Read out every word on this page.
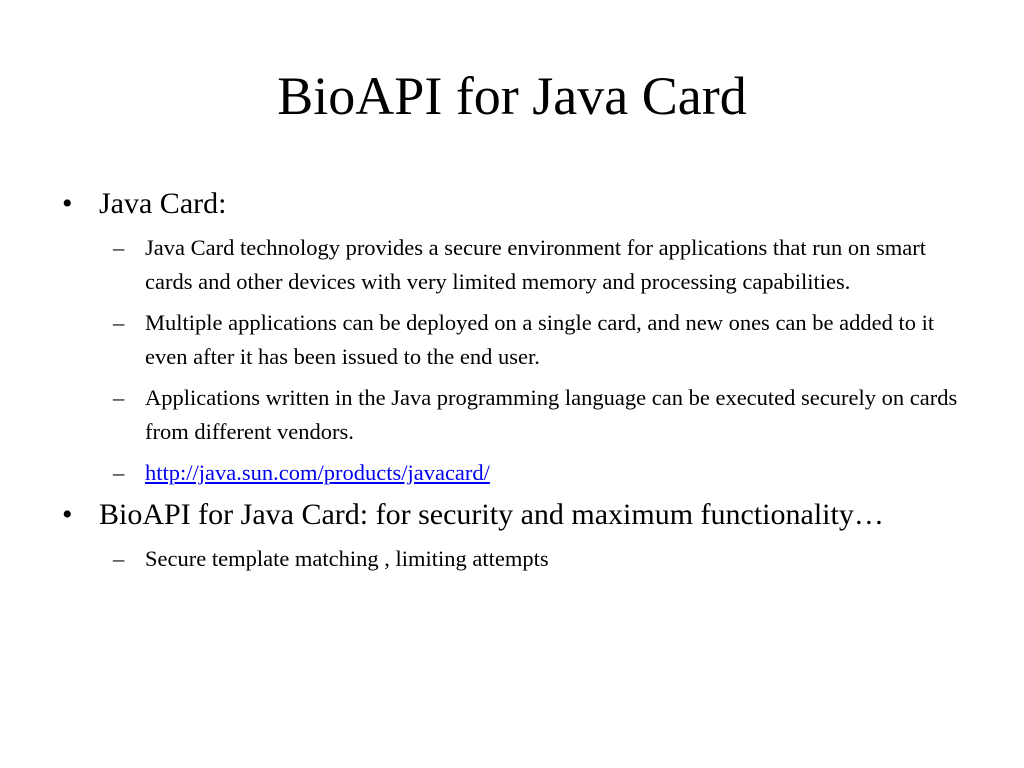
BioAPI for Java Card
• Java Card:
– Java Card technology provides a secure environment for applications that run on smart cards and other devices with very limited memory and processing capabilities.
– Multiple applications can be deployed on a single card, and new ones can be added to it even after it has been issued to the end user.
– Applications written in the Java programming language can be executed securely on cards from different vendors.
– http://java.sun.com/products/javacard/
• BioAPI for Java Card: for security and maximum functionality…
– Secure template matching , limiting attempts
